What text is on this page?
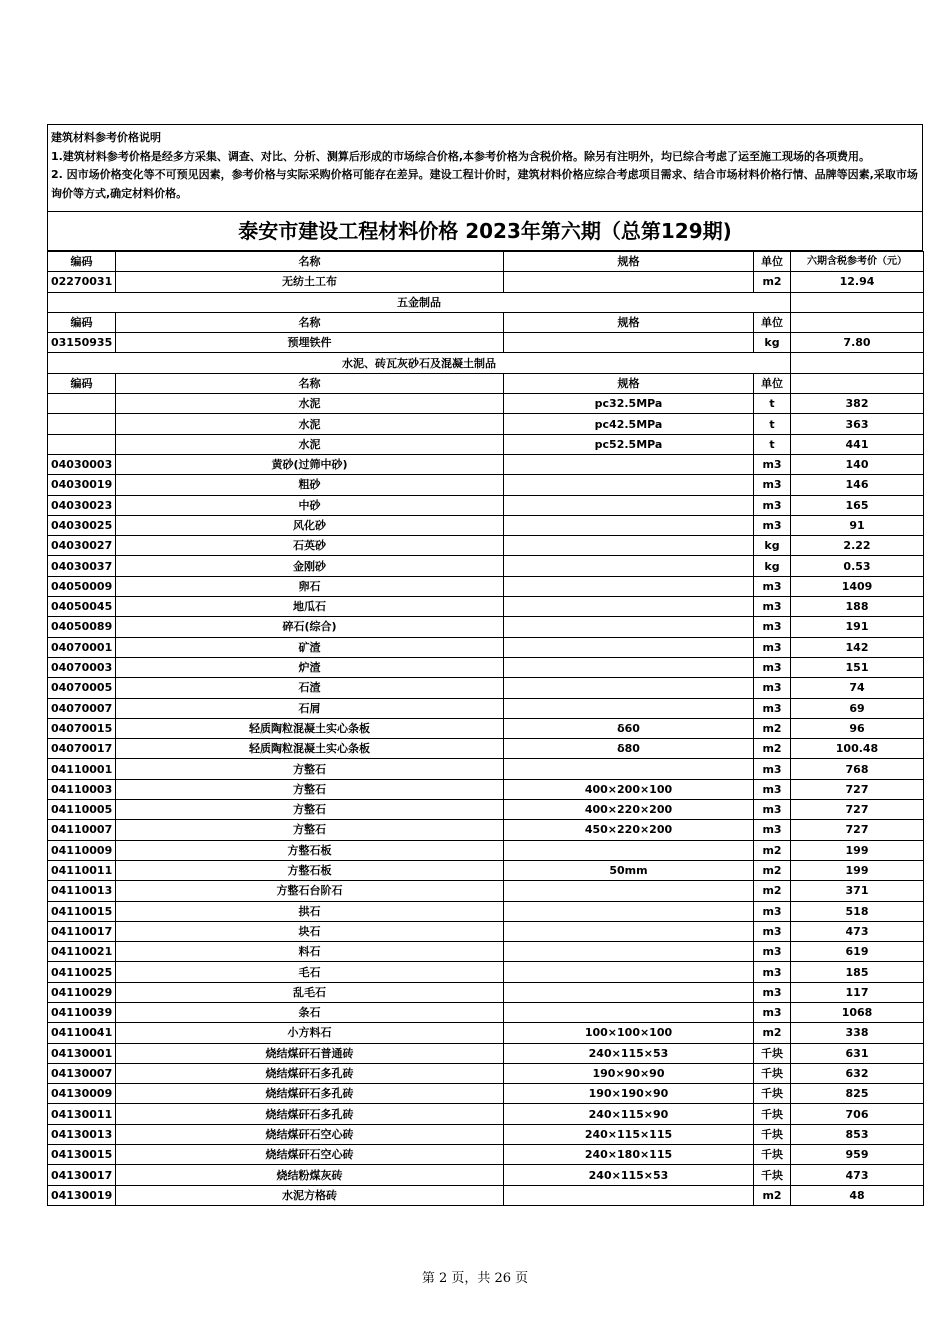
建筑材料参考价格说明

1.建筑材料参考价格是经多方采集、调查、对比、分析、测算后形成的市场综合价格,本参考价格为含税价格。除另有注明外，均已综合考虑了运至施工现场的各项费用。

2. 因市场价格变化等不可预见因素，参考价格与实际采购价格可能存在差异。建设工程计价时，建筑材料价格应综合考虑项目需求、结合市场材料价格行情、品牌等因素,采取市场询价等方式,确定材料价格。

泰安市建设工程材料价格 2023年第六期（总第129期)
编码	名称	规格	单位	六期含税参考价（元）
02270031	无纺土工布		m2	12.94
五金制品				
编码	名称	规格	单位	
03150935	预埋铁件		kg	7.80
水泥、砖瓦灰砂石及混凝土制品				
编码	名称	规格	单位	
	水泥	pc32.5MPa	t	382
	水泥	pc42.5MPa	t	363
	水泥	pc52.5MPa	t	441
04030003	黄砂(过筛中砂)		m3	140
04030019	粗砂		m3	146
04030023	中砂		m3	165
04030025	风化砂		m3	91
04030027	石英砂		kg	2.22
04030037	金刚砂		kg	0.53
04050009	卵石		m3	1409
04050045	地瓜石		m3	188
04050089	碎石(综合)		m3	191
04070001	矿渣		m3	142
04070003	炉渣		m3	151
04070005	石渣		m3	74
04070007	石屑		m3	69
04070015	轻质陶粒混凝土实心条板	δ60	m2	96
04070017	轻质陶粒混凝土实心条板	δ80	m2	100.48
04110001	方整石		m3	768
04110003	方整石	400×200×100	m3	727
04110005	方整石	400×220×200	m3	727
04110007	方整石	450×220×200	m3	727
04110009	方整石板		m2	199
04110011	方整石板	50mm	m2	199
04110013	方整石台阶石		m2	371
04110015	拱石		m3	518
04110017	块石		m3	473
04110021	料石		m3	619
04110025	毛石		m3	185
04110029	乱毛石		m3	117
04110039	条石		m3	1068
04110041	小方料石	100×100×100	m2	338
04130001	烧结煤矸石普通砖	240×115×53	千块	631
04130007	烧结煤矸石多孔砖	190×90×90	千块	632
04130009	烧结煤矸石多孔砖	190×190×90	千块	825
04130011	烧结煤矸石多孔砖	240×115×90	千块	706
04130013	烧结煤矸石空心砖	240×115×115	千块	853
04130015	烧结煤矸石空心砖	240×180×115	千块	959
04130017	烧结粉煤灰砖	240×115×53	千块	473
04130019	水泥方格砖		m2	48
第 2 页，共 26 页
